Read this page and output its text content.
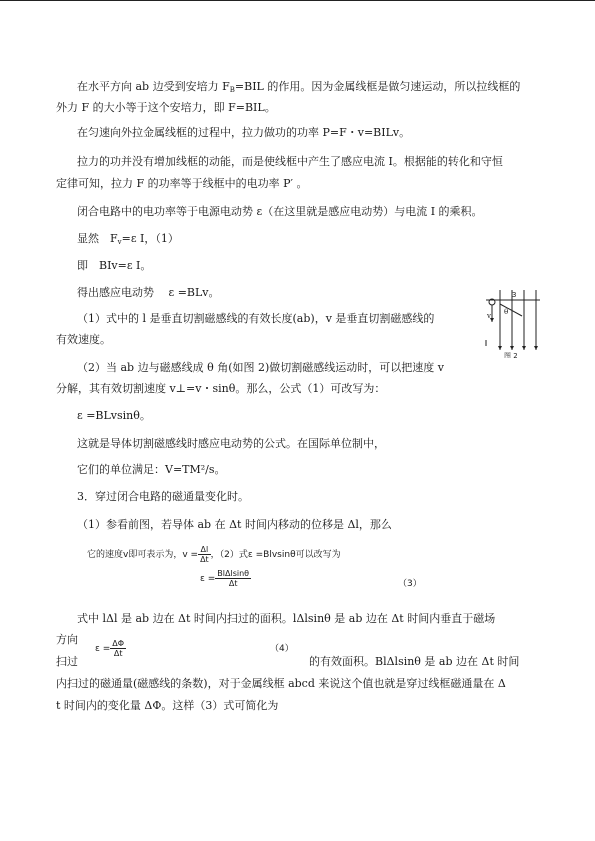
在水平方向 ab 边受到安培力 $F_B=BIL$ 的作用。因为金属线框是做匀速运动，所以拉线框的
外力 F 的大小等于这个安培力，即 F=BIL。
在匀速向外拉金属线框的过程中，拉力做功的功率 P=F・v=BILv。
拉力的功并没有增加线框的动能，而是使线框中产生了感应电流 I。根据能的转化和守恒
定律可知，拉力 F 的功率等于线框中的电功率 P′ 。
闭合电路中的电功率等于电源电动势 ε（在这里就是感应电动势）与电流 I 的乘积。
显然　$F_v=\varepsilon$ I，（1）
即　BIv=ε I。
得出感应电动势　 ε =BLv。
（1）式中的 l 是垂直切割磁感线的有效长度(ab)，v 是垂直切割磁感线的
有效速度。
3
θ
v
图 2
（2）当 ab 边与磁感线成 θ 角(如图 2)做切割磁感线运动时，可以把速度 v
分解，其有效切割速度 v⊥=v・sinθ。那么，公式（1）可改写为：
ε =BLvsinθ。
这就是导体切割磁感线时感应电动势的公式。在国际单位制中，
它们的单位满足：V=TM²/s。
3．穿过闭合电路的磁通量变化时。
（1）参看前图，若导体 ab 在 Δt 时间内移动的位移是 Δl，那么
它的速度v即可表示为，$v = \frac{\Delta l}{\Delta t}$ ，（2）式ε =Blvsinθ可以改写为
$\varepsilon = \frac{\text{BlΔlsinθ}}{\Delta t}$	（3）
式中 lΔl 是 ab 边在 Δt 时间内扫过的面积。lΔlsinθ 是 ab 边在 Δt 时间内垂直于磁场
方向
扫过
$\varepsilon = \frac{\Delta\Phi}{\Delta t}$	（4）
的有效面积。BlΔlsinθ 是 ab 边在 Δt 时间
内扫过的磁通量(磁感线的条数)，对于金属线框 abcd 来说这个值也就是穿过线框磁通量在 Δ
t 时间内的变化量 ΔΦ。这样（3）式可简化为
